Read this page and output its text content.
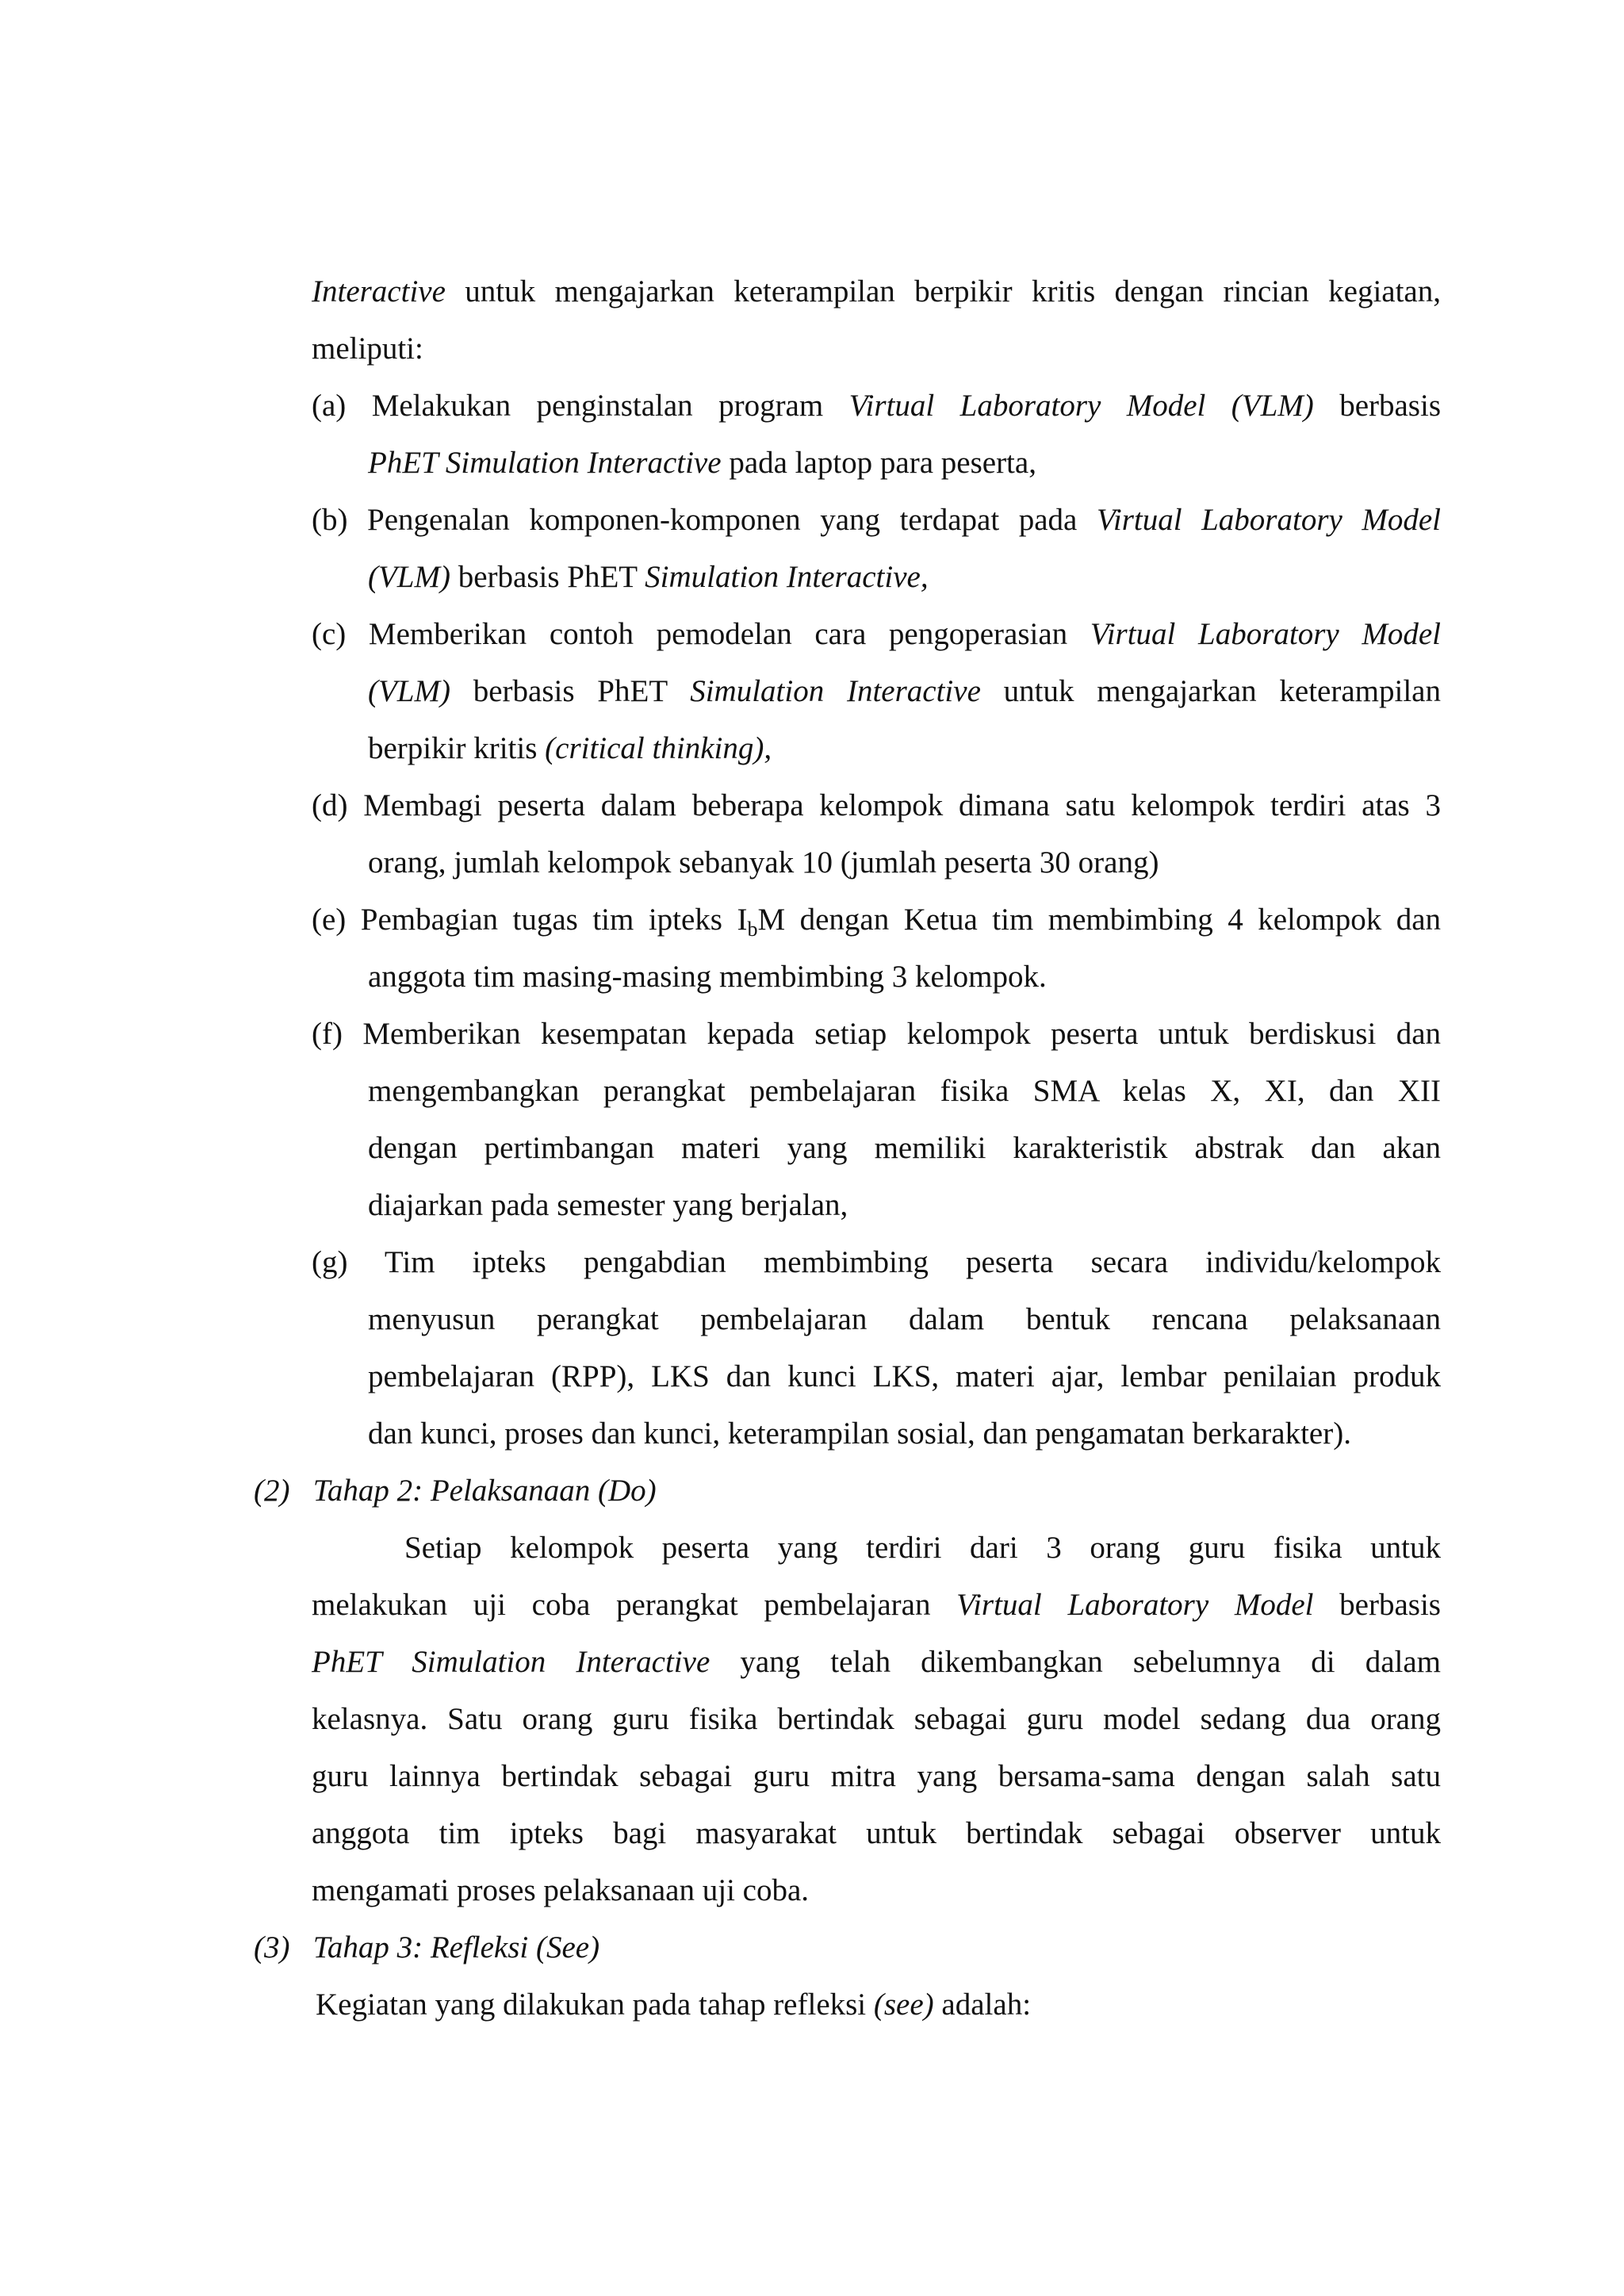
Interactive untuk mengajarkan keterampilan berpikir kritis dengan rincian kegiatan,
meliputi:
(a) Melakukan penginstalan program Virtual Laboratory Model (VLM) berbasis
PhET Simulation Interactive pada laptop para peserta,
(b) Pengenalan komponen-komponen yang terdapat pada Virtual Laboratory Model
(VLM) berbasis PhET Simulation Interactive,
(c) Memberikan contoh pemodelan cara pengoperasian Virtual Laboratory Model
(VLM) berbasis PhET Simulation Interactive untuk mengajarkan keterampilan
berpikir kritis (critical thinking),
(d) Membagi peserta dalam beberapa kelompok dimana satu kelompok terdiri atas 3
orang, jumlah kelompok sebanyak 10 (jumlah peserta 30 orang)
(e) Pembagian tugas tim ipteks $I_bM$ dengan Ketua tim membimbing 4 kelompok dan
anggota tim masing-masing membimbing 3 kelompok.
(f) Memberikan kesempatan kepada setiap kelompok peserta untuk berdiskusi dan
mengembangkan perangkat pembelajaran fisika SMA kelas X, XI, dan XII
dengan pertimbangan materi yang memiliki karakteristik abstrak dan akan
diajarkan pada semester yang berjalan,
(g) Tim ipteks pengabdian membimbing peserta secara individu/kelompok
menyusun perangkat pembelajaran dalam bentuk rencana pelaksanaan
pembelajaran (RPP), LKS dan kunci LKS, materi ajar, lembar penilaian produk
dan kunci, proses dan kunci, keterampilan sosial, dan pengamatan berkarakter).
(2)   Tahap 2: Pelaksanaan (Do)
Setiap kelompok peserta yang terdiri dari 3 orang guru fisika untuk
melakukan uji coba perangkat pembelajaran Virtual Laboratory Model berbasis
PhET Simulation Interactive yang telah dikembangkan sebelumnya di dalam
kelasnya. Satu orang guru fisika bertindak sebagai guru model sedang dua orang
guru lainnya bertindak sebagai guru mitra yang bersama-sama dengan salah satu
anggota tim ipteks bagi masyarakat untuk bertindak sebagai observer untuk
mengamati proses pelaksanaan uji coba.
(3)   Tahap 3: Refleksi (See)
Kegiatan yang dilakukan pada tahap refleksi (see) adalah:
